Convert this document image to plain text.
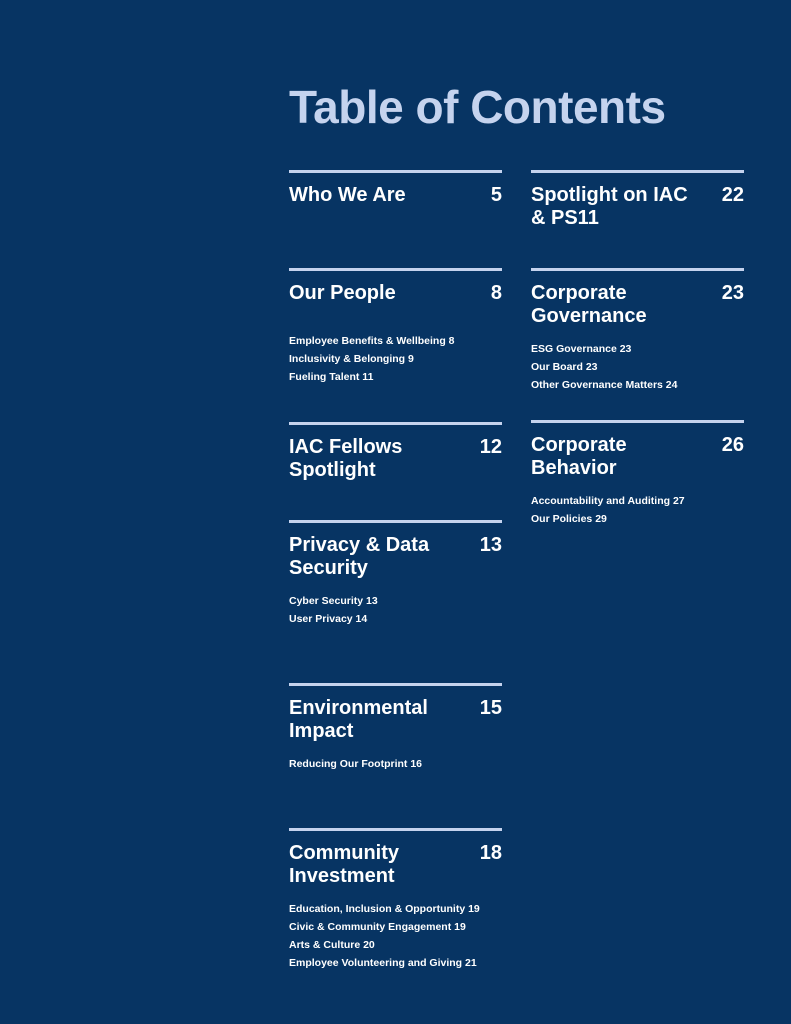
Table of Contents
Who We Are	5
Our People	8
Employee Benefits & Wellbeing 8
Inclusivity & Belonging 9
Fueling Talent 11
IAC Fellows Spotlight
12
Privacy & Data Security
13
Cyber Security 13
User Privacy 14
Environmental Impact
15
Reducing Our Footprint 16
Community Investment
18
Education, Inclusion & Opportunity 19
Civic & Community Engagement 19
Arts & Culture 20
Employee Volunteering and Giving 21
Spotlight on IAC & PS11
22
Corporate Governance
23
ESG Governance 23
Our Board 23
Other Governance Matters 24
Corporate Behavior
26
Accountability and Auditing 27
Our Policies 29
